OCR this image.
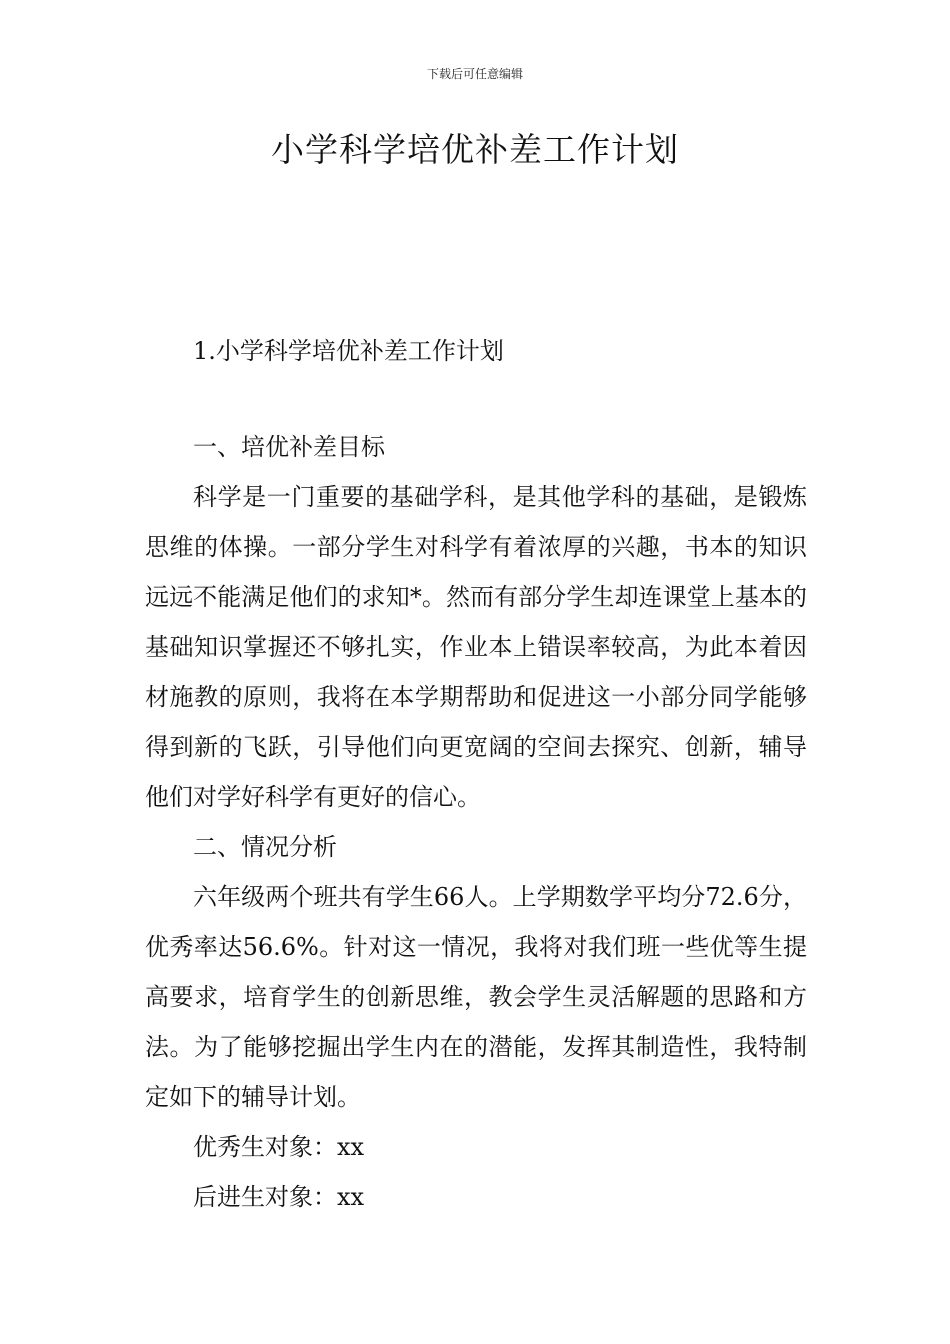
下载后可任意编辑
小学科学培优补差工作计划

1.小学科学培优补差工作计划

一、培优补差目标

科学是一门重要的基础学科，是其他学科的基础，是锻炼思维的体操。一部分学生对科学有着浓厚的兴趣，书本的知识远远不能满足他们的求知*。然而有部分学生却连课堂上基本的基础知识掌握还不够扎实，作业本上错误率较高，为此本着因材施教的原则，我将在本学期帮助和促进这一小部分同学能够得到新的飞跃，引导他们向更宽阔的空间去探究、创新，辅导他们对学好科学有更好的信心。

二、情况分析

六年级两个班共有学生66人。上学期数学平均分72.6分，优秀率达56.6%。针对这一情况，我将对我们班一些优等生提高要求，培育学生的创新思维，教会学生灵活解题的思路和方法。为了能够挖掘出学生内在的潜能，发挥其制造性，我特制定如下的辅导计划。

优秀生对象：xx

后进生对象：xx
